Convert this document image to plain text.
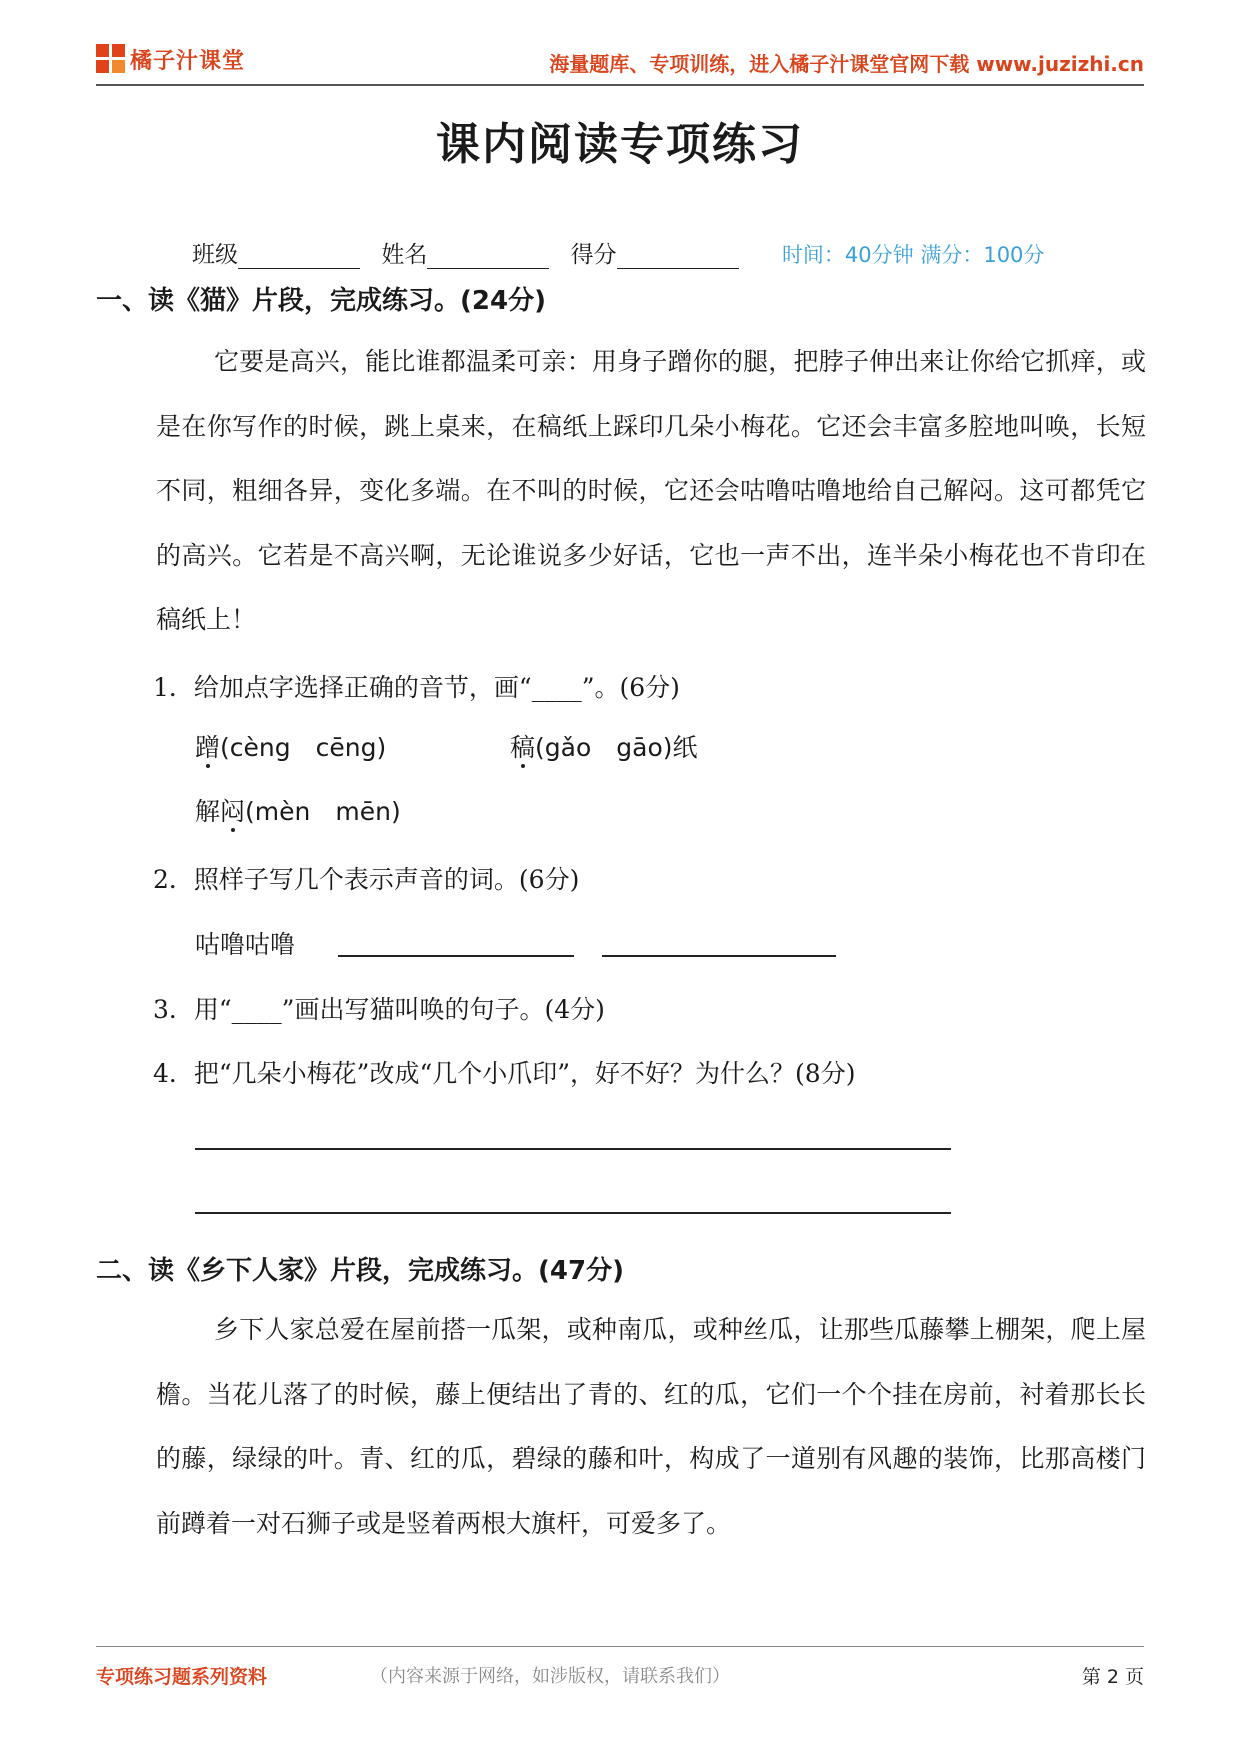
橘子汁课堂	海量题库、专项训练，进入橘子汁课堂官网下载 www.juzizhi.cn
课内阅读专项练习
班级	姓名	得分	时间：40分钟 满分：100分
一、读《猫》片段，完成练习。(24分)

它要是高兴，能比谁都温柔可亲：用身子蹭你的腿，把脖子伸出来让你给它抓痒，或是在你写作的时候，跳上桌来，在稿纸上踩印几朵小梅花。它还会丰富多腔地叫唤，长短不同，粗细各异，变化多端。在不叫的时候，它还会咕噜咕噜地给自己解闷。这可都凭它的高兴。它若是不高兴啊，无论谁说多少好话，它也一声不出，连半朵小梅花也不肯印在稿纸上！

1．给加点字选择正确的音节，画“____”。(6分)
蹭(cèng　cēng)	稿(gǎo　gāo)纸
解闷(mèn　mēn)
2．照样子写几个表示声音的词。(6分)
咕噜咕噜
3．用“____”画出写猫叫唤的句子。(4分)
4．把“几朵小梅花”改成“几个小爪印”，好不好？为什么？(8分)
二、读《乡下人家》片段，完成练习。(47分)

乡下人家总爱在屋前搭一瓜架，或种南瓜，或种丝瓜，让那些瓜藤攀上棚架，爬上屋檐。当花儿落了的时候，藤上便结出了青的、红的瓜，它们一个个挂在房前，衬着那长长的藤，绿绿的叶。青、红的瓜，碧绿的藤和叶，构成了一道别有风趣的装饰，比那高楼门前蹲着一对石狮子或是竖着两根大旗杆，可爱多了。

专项练习题系列资料	（内容来源于网络，如涉版权，请联系我们）	第 2 页
